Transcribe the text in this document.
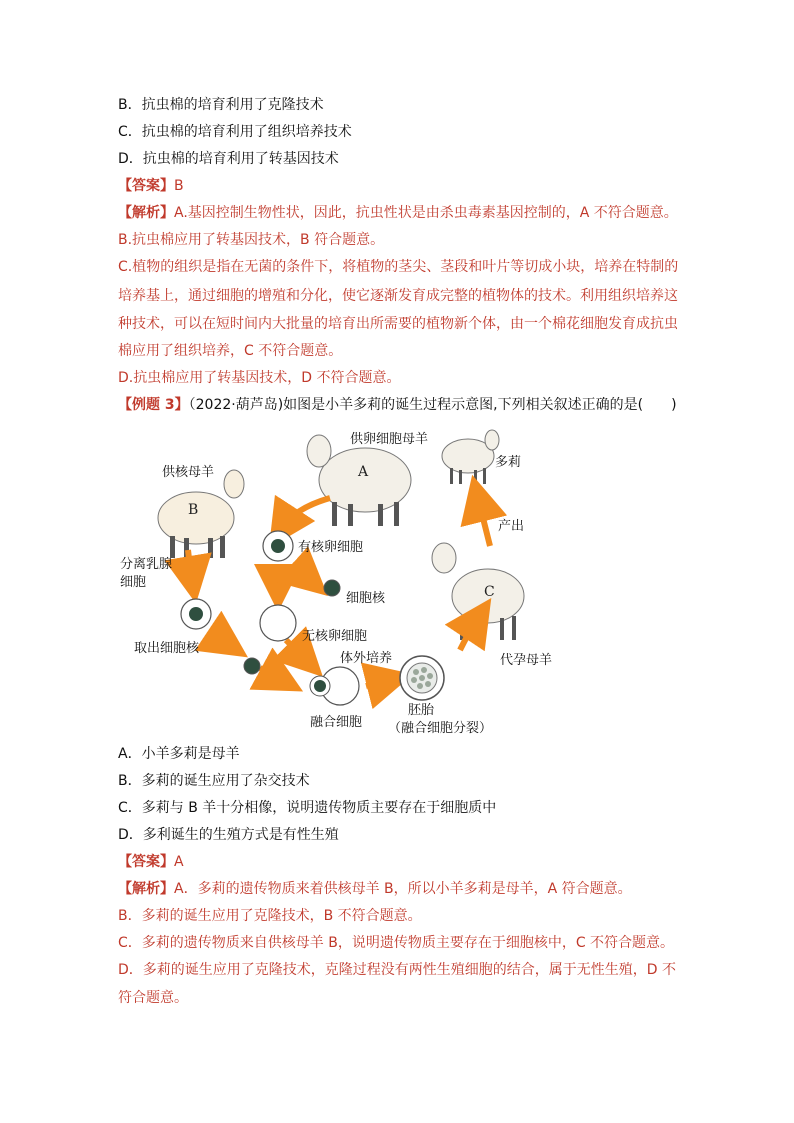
B．抗虫棉的培育利用了克隆技术
C．抗虫棉的培育利用了组织培养技术
D．抗虫棉的培育利用了转基因技术
【答案】B
【解析】A.基因控制生物性状，因此，抗虫性状是由杀虫毒素基因控制的，A 不符合题意。
B.抗虫棉应用了转基因技术，B 符合题意。
C.植物的组织是指在无菌的条件下，将植物的茎尖、茎段和叶片等切成小块，培养在特制的
培养基上，通过细胞的增殖和分化，使它逐渐发育成完整的植物体的技术。利用组织培养这
种技术，可以在短时间内大批量的培育出所需要的植物新个体，由一个棉花细胞发育成抗虫
棉应用了组织培养，C 不符合题意。
D.抗虫棉应用了转基因技术，D 不符合题意。
【例题 3】（2022·葫芦岛)如图是小羊多莉的诞生过程示意图,下列相关叙述正确的是(　　)
A
供卵细胞母羊
多莉
B
供核母羊
C
代孕母羊
有核卵细胞
细胞核
分离乳腺
细胞
取出细胞核
无核卵细胞
融合细胞
体外培养
胚胎
（融合细胞分裂）
产出
A．小羊多莉是母羊
B．多莉的诞生应用了杂交技术
C．多莉与 B 羊十分相像，说明遗传物质主要存在于细胞质中
D．多利诞生的生殖方式是有性生殖
【答案】A
【解析】A．多莉的遗传物质来着供核母羊 B，所以小羊多莉是母羊，A 符合题意。
B．多莉的诞生应用了克隆技术，B 不符合题意。
C．多莉的遗传物质来自供核母羊 B，说明遗传物质主要存在于细胞核中，C 不符合题意。
D．多莉的诞生应用了克隆技术，克隆过程没有两性生殖细胞的结合，属于无性生殖，D 不
符合题意。
